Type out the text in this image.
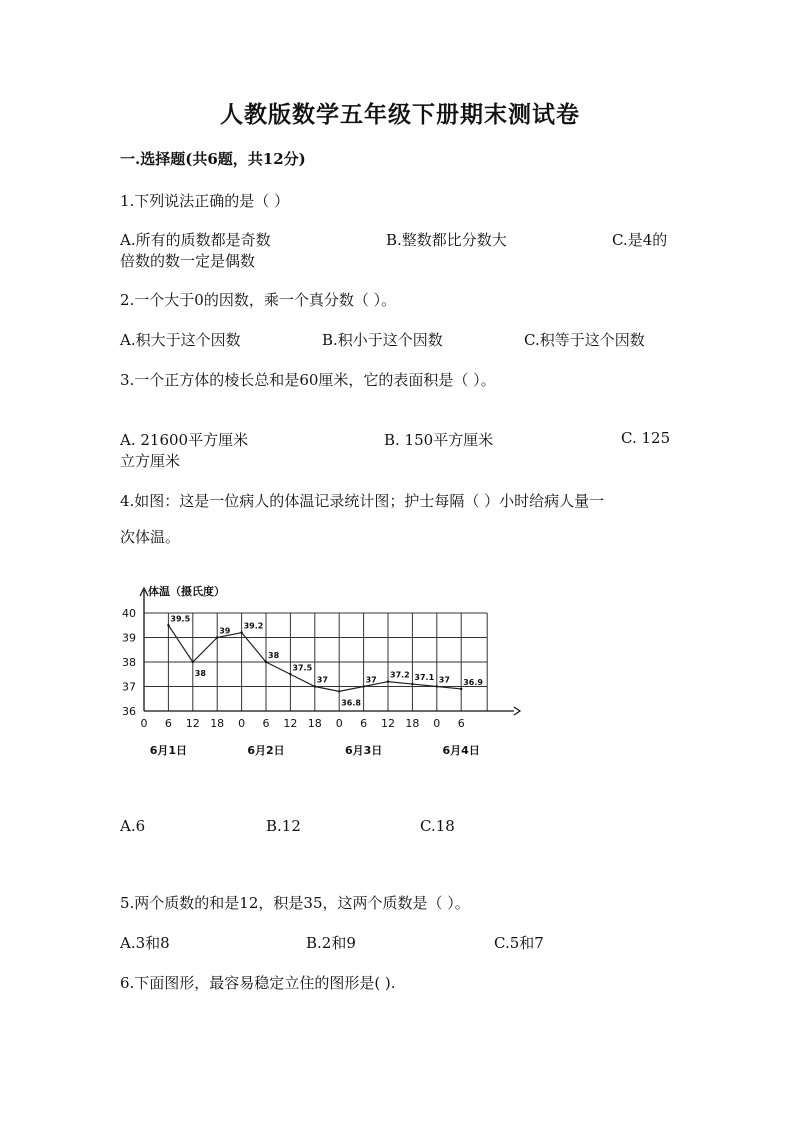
人教版数学五年级下册期末测试卷
一.选择题(共6题，共12分)
1.下列说法正确的是（ ）
A.所有的质数都是奇数	B.整数都比分数大	C.是4的
倍数的数一定是偶数
2.一个大于0的因数，乘一个真分数（ ）。
A.积大于这个因数	B.积小于这个因数	C.积等于这个因数
3.一个正方体的棱长总和是60厘米，它的表面积是（ ）。
A. 21600平方厘米	B. 150平方厘米	C. 125
立方厘米
4.如图：这是一位病人的体温记录统计图；护士每隔（ ）小时给病人量一
次体温。
体温（摄氏度）
36
37
38
39
40
0 6 12 18 0 6 12 18 0 6 12 18 0 6
6月1日	6月2日	6月3日	6月4日
39.5
38
39
39.2
38
37.5
37
36.8
37
37.2 37.1 37 36.9
A.6	B.12	C.18
5.两个质数的和是12，积是35，这两个质数是（ ）。
A.3和8	B.2和9	C.5和7
6.下面图形，最容易稳定立住的图形是( ).
